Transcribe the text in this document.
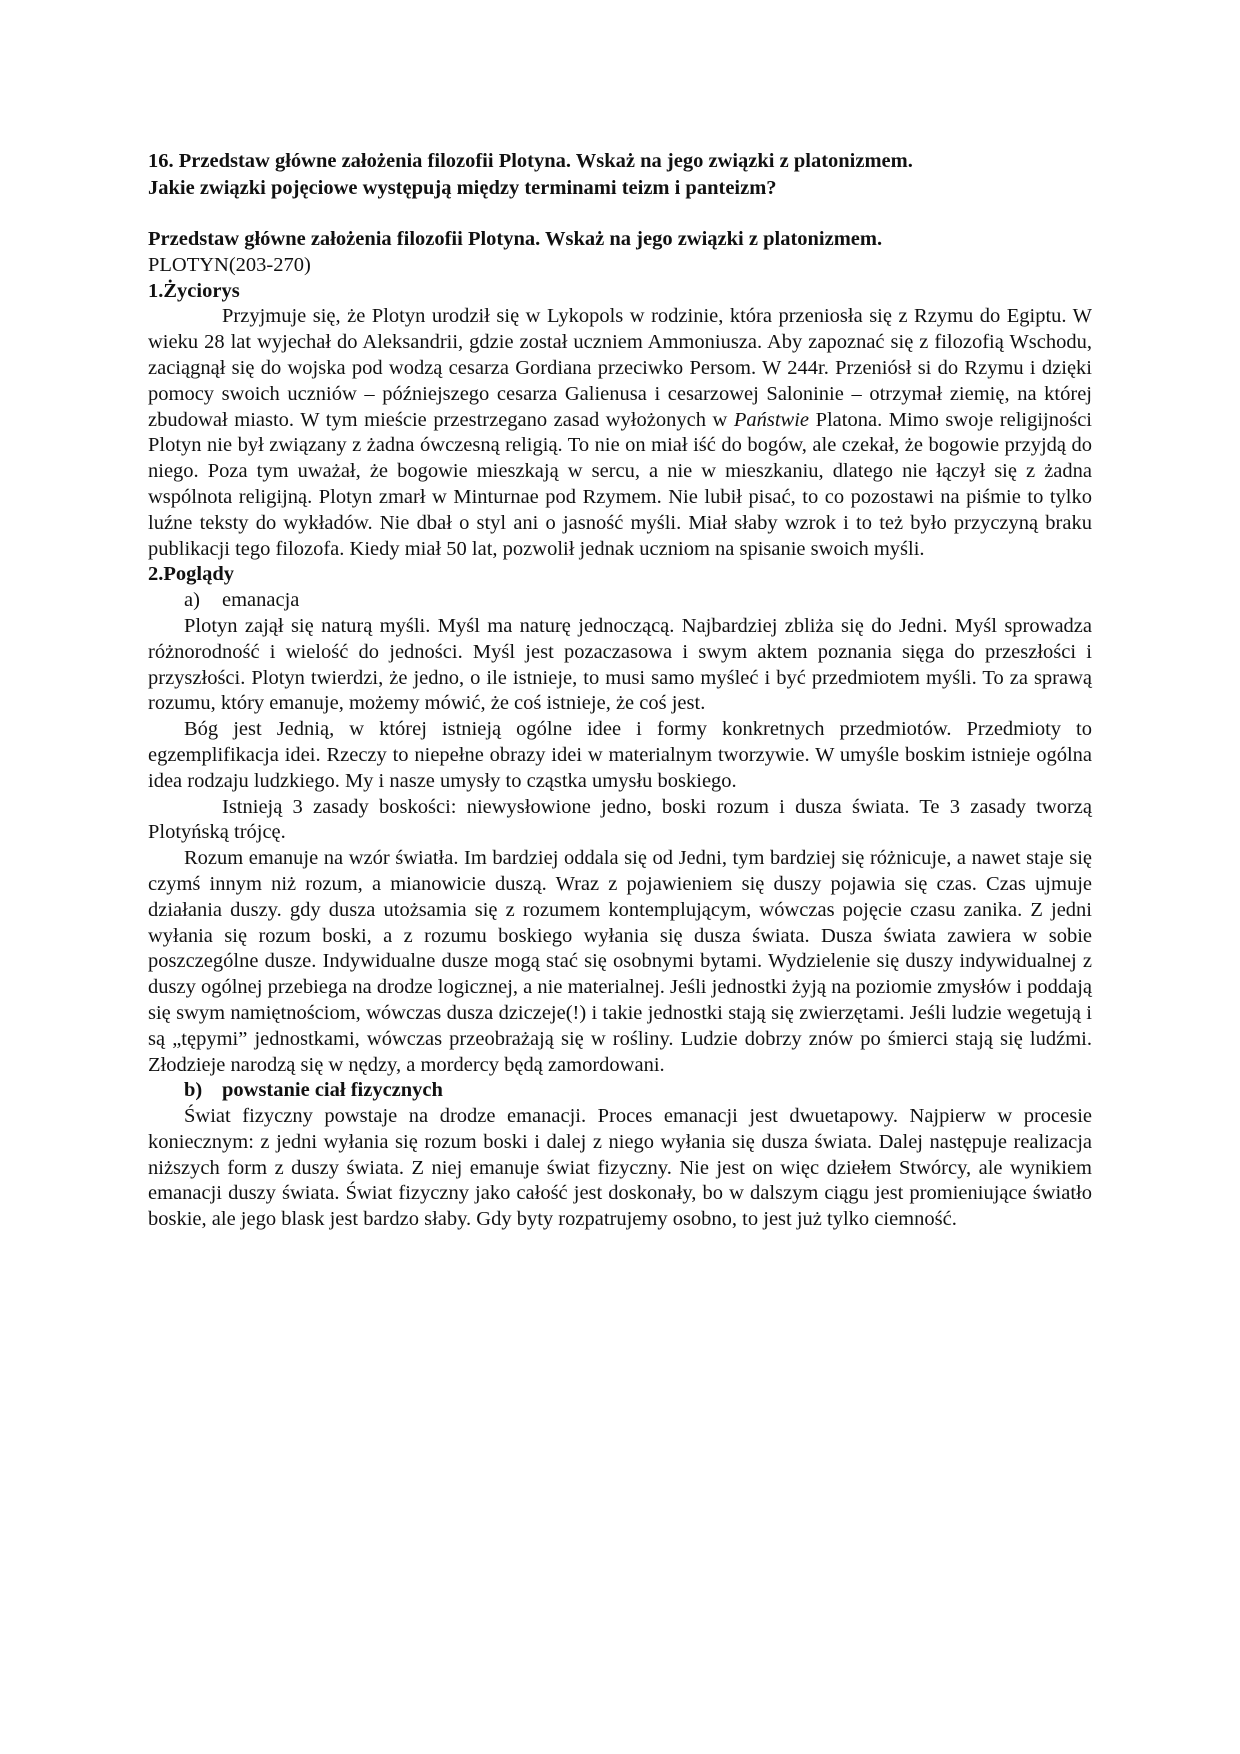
16. Przedstaw główne założenia filozofii Plotyna. Wskaż na jego związki z platonizmem.

Jakie związki pojęciowe występują między terminami teizm i panteizm?

Przedstaw główne założenia filozofii Plotyna. Wskaż na jego związki z platonizmem.

PLOTYN(203-270)

1.Życiorys

Przyjmuje się, że Plotyn urodził się w Lykopols w rodzinie, która przeniosła się z Rzymu do Egiptu. W wieku 28 lat wyjechał do Aleksandrii, gdzie został uczniem Ammoniusza. Aby zapoznać się z filozofią Wschodu, zaciągnął się do wojska pod wodzą cesarza Gordiana przeciwko Persom. W 244r. Przeniósł si do Rzymu i dzięki pomocy swoich uczniów – późniejszego cesarza Galienusa i cesarzowej Saloninie – otrzymał ziemię, na której zbudował miasto. W tym mieście przestrzegano zasad wyłożonych w Państwie Platona. Mimo swoje religijności Plotyn nie był związany z żadna ówczesną religią. To nie on miał iść do bogów, ale czekał, że bogowie przyjdą do niego. Poza tym uważał, że bogowie mieszkają w sercu, a nie w mieszkaniu, dlatego nie łączył się z żadna wspólnota religijną. Plotyn zmarł w Minturnae pod Rzymem. Nie lubił pisać, to co pozostawi na piśmie to tylko luźne teksty do wykładów. Nie dbał o styl ani o jasność myśli. Miał słaby wzrok i to też było przyczyną braku publikacji tego filozofa. Kiedy miał 50 lat, pozwolił jednak uczniom na spisanie swoich myśli.

2.Poglądy

a)	emanacja

Plotyn zajął się naturą myśli. Myśl ma naturę jednoczącą. Najbardziej zbliża się do Jedni. Myśl sprowadza różnorodność i wielość do jedności. Myśl jest pozaczasowa i swym aktem poznania sięga do przeszłości i przyszłości. Plotyn twierdzi, że jedno, o ile istnieje, to musi samo myśleć i być przedmiotem myśli. To za sprawą rozumu, który emanuje, możemy mówić, że coś istnieje, że coś jest.

Bóg jest Jednią, w której istnieją ogólne idee i formy konkretnych przedmiotów. Przedmioty to egzemplifikacja idei. Rzeczy to niepełne obrazy idei w materialnym tworzywie. W umyśle boskim istnieje ogólna idea rodzaju ludzkiego. My i nasze umysły to cząstka umysłu boskiego.

Istnieją 3 zasady boskości: niewysłowione jedno, boski rozum i dusza świata. Te 3 zasady tworzą Plotyńską trójcę.

Rozum emanuje na wzór światła. Im bardziej oddala się od Jedni, tym bardziej się różnicuje, a nawet staje się czymś innym niż rozum, a mianowicie duszą. Wraz z pojawieniem się duszy pojawia się czas. Czas ujmuje działania duszy. gdy dusza utożsamia się z rozumem kontemplującym, wówczas pojęcie czasu zanika. Z jedni wyłania się rozum boski, a z rozumu boskiego wyłania się dusza świata. Dusza świata zawiera w sobie poszczególne dusze. Indywidualne dusze mogą stać się osobnymi bytami. Wydzielenie się duszy indywidualnej z duszy ogólnej przebiega na drodze logicznej, a nie materialnej. Jeśli jednostki żyją na poziomie zmysłów i poddają się swym namiętnościom, wówczas dusza dziczeje(!) i takie jednostki stają się zwierzętami. Jeśli ludzie wegetują i są „tępymi” jednostkami, wówczas przeobrażają się w rośliny. Ludzie dobrzy znów po śmierci stają się ludźmi. Złodzieje narodzą się w nędzy, a mordercy będą zamordowani.

b) powstanie ciał fizycznych

Świat fizyczny powstaje na drodze emanacji. Proces emanacji jest dwuetapowy. Najpierw w procesie koniecznym: z jedni wyłania się rozum boski i dalej z niego wyłania się dusza świata. Dalej następuje realizacja niższych form z duszy świata. Z niej emanuje świat fizyczny. Nie jest on więc dziełem Stwórcy, ale wynikiem emanacji duszy świata. Świat fizyczny jako całość jest doskonały, bo w dalszym ciągu jest promieniujące światło boskie, ale jego blask jest bardzo słaby. Gdy byty rozpatrujemy osobno, to jest już tylko ciemność.
